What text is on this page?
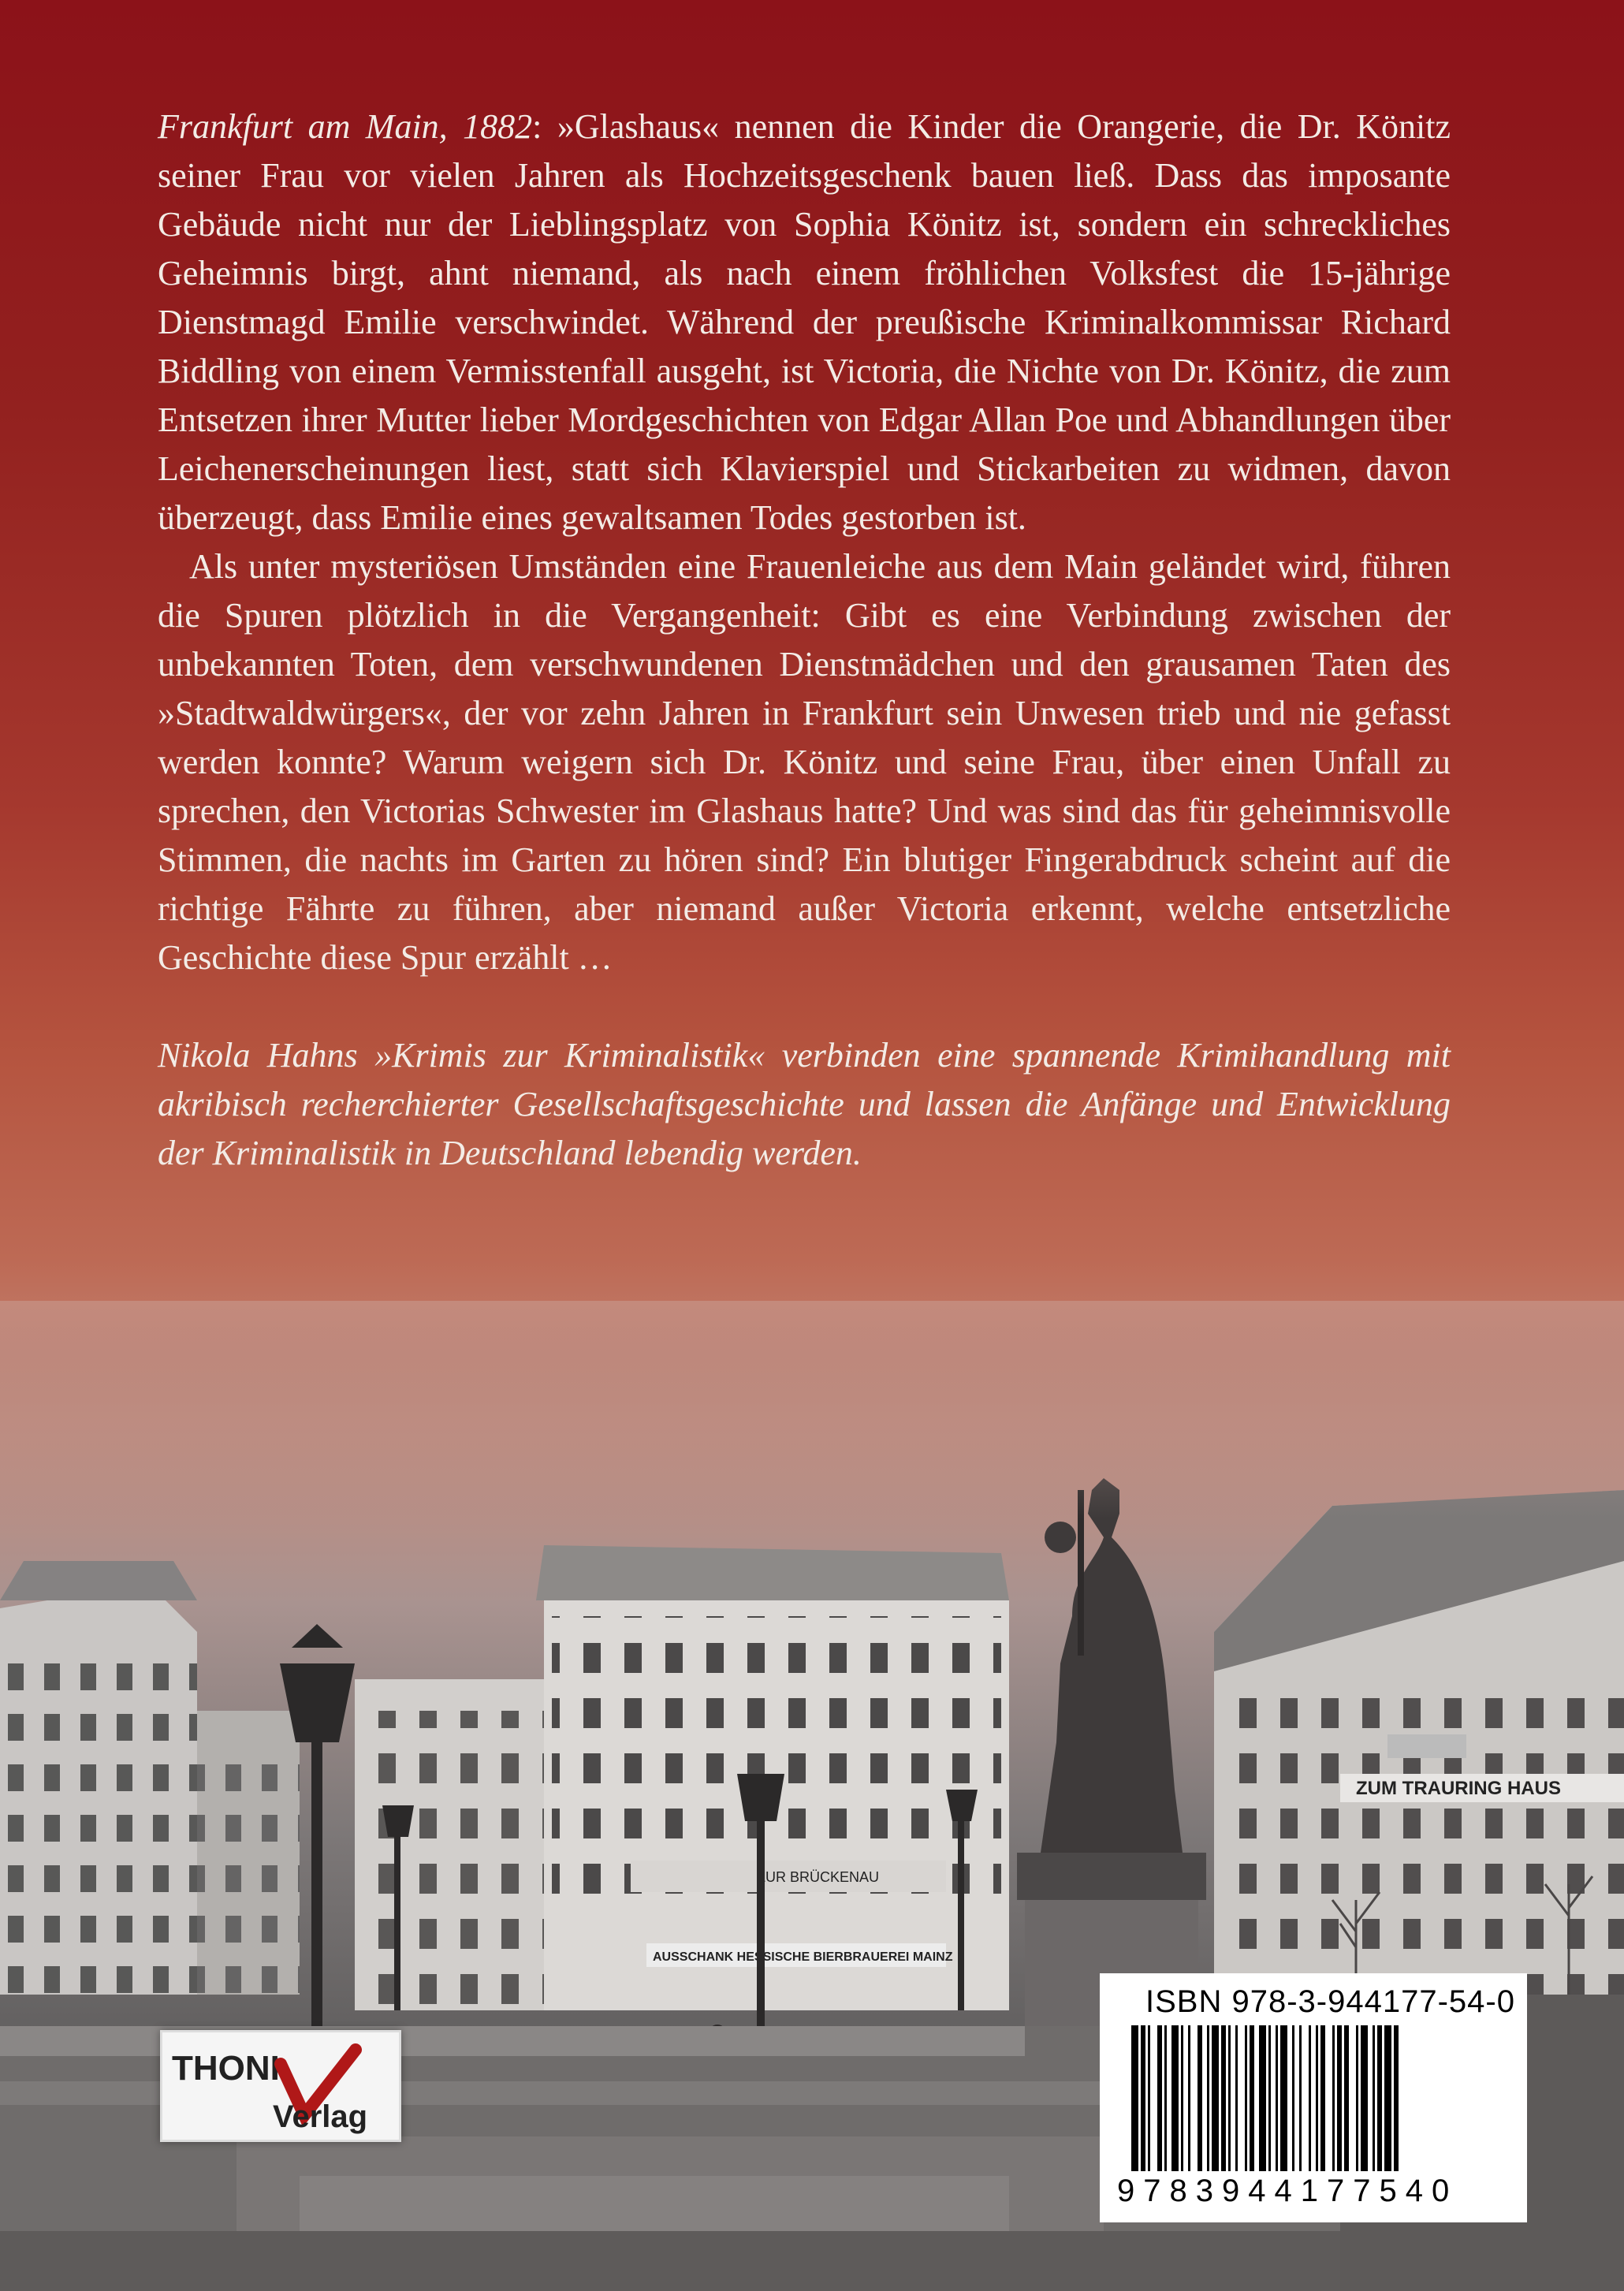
Frankfurt am Main, 1882: »Glashaus« nennen die Kinder die Orangerie, die Dr. Könitz seiner Frau vor vielen Jahren als Hochzeitsgeschenk bauen ließ. Dass das imposante Gebäude nicht nur der Lieblingsplatz von Sophia Könitz ist, sondern ein schreckliches Geheimnis birgt, ahnt niemand, als nach einem fröhlichen Volksfest die 15-jährige Dienstmagd Emilie verschwindet. Während der preußische Kriminalkommissar Richard Biddling von einem Vermisstenfall ausgeht, ist Victoria, die Nichte von Dr. Könitz, die zum Entsetzen ihrer Mutter lieber Mordgeschichten von Edgar Allan Poe und Abhandlungen über Leichenerscheinungen liest, statt sich Klavierspiel und Stickarbeiten zu widmen, davon überzeugt, dass Emilie eines gewaltsamen Todes gestorben ist.

Als unter mysteriösen Umständen eine Frauenleiche aus dem Main geländet wird, führen die Spuren plötzlich in die Vergangenheit: Gibt es eine Verbindung zwischen der unbekannten Toten, dem verschwundenen Dienstmädchen und den grausamen Taten des »Stadtwaldwürgers«, der vor zehn Jahren in Frankfurt sein Unwesen trieb und nie gefasst werden konnte? Warum weigern sich Dr. Könitz und seine Frau, über einen Unfall zu sprechen, den Victorias Schwester im Glashaus hatte? Und was sind das für geheimnisvolle Stimmen, die nachts im Garten zu hören sind? Ein blutiger Fingerabdruck scheint auf die richtige Fährte zu führen, aber niemand außer Victoria erkennt, welche entsetzliche Geschichte diese Spur erzählt …

Nikola Hahns »Krimis zur Kriminalistik« verbinden eine spannende Krimihandlung mit akribisch recherchierter Gesellschaftsgeschichte und lassen die Anfänge und Entwicklung der Kriminalistik in Deutschland lebendig werden.

THONI
Verlag
ISBN 978-3-944177-54-0
9783944177540
